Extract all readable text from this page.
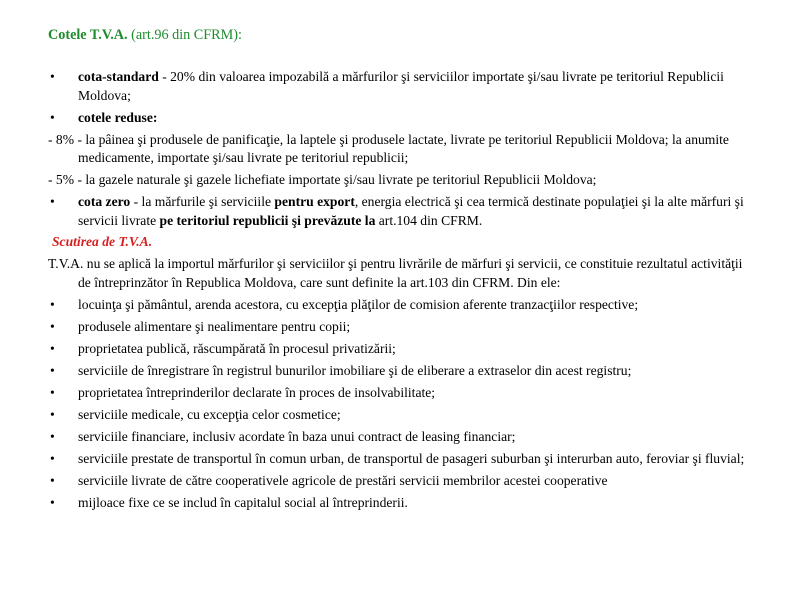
Cotele T.V.A. (art.96 din CFRM):
•	cota-standard - 20% din valoarea impozabilă a mărfurilor şi serviciilor importate şi/sau livrate pe teritoriul Republicii Moldova;
•	cotele reduse:
- 8% - la pâinea şi produsele de panificaţie, la laptele şi produsele lactate, livrate pe teritoriul Republicii Moldova; la anumite medicamente, importate şi/sau livrate pe teritoriul republicii;
- 5% - la gazele naturale şi gazele lichefiate importate şi/sau livrate pe teritoriul Republicii Moldova;
•	cota zero - la mărfurile şi serviciile pentru export, energia electrică şi cea termică destinate populaţiei şi la alte mărfuri şi servicii livrate pe teritoriul republicii şi prevăzute la art.104 din CFRM.
Scutirea de T.V.A.
T.V.A. nu se aplică la importul mărfurilor şi serviciilor şi pentru livrările de mărfuri şi servicii, ce constituie rezultatul activităţii de întreprinzător în Republica Moldova, care sunt definite la art.103 din CFRM. Din ele:
•	locuinţa şi pământul, arenda acestora, cu excepţia plăţilor de comision aferente tranzacţiilor respective;
•	produsele alimentare şi nealimentare pentru copii;
•	proprietatea publică, răscumpărată în procesul privatizării;
•	serviciile de înregistrare în registrul bunurilor imobiliare şi de eliberare a extraselor din acest registru;
•	proprietatea întreprinderilor declarate în proces de insolvabilitate;
•	serviciile medicale, cu excepţia celor cosmetice;
•	serviciile financiare, inclusiv acordate în baza unui contract de leasing financiar;
•	serviciile prestate de transportul în comun urban, de transportul de pasageri suburban şi interurban auto, feroviar şi fluvial;
•	serviciile livrate de către cooperativele agricole de prestări servicii membrilor acestei cooperative
•	mijloace fixe ce se includ în capitalul social al întreprinderii.
